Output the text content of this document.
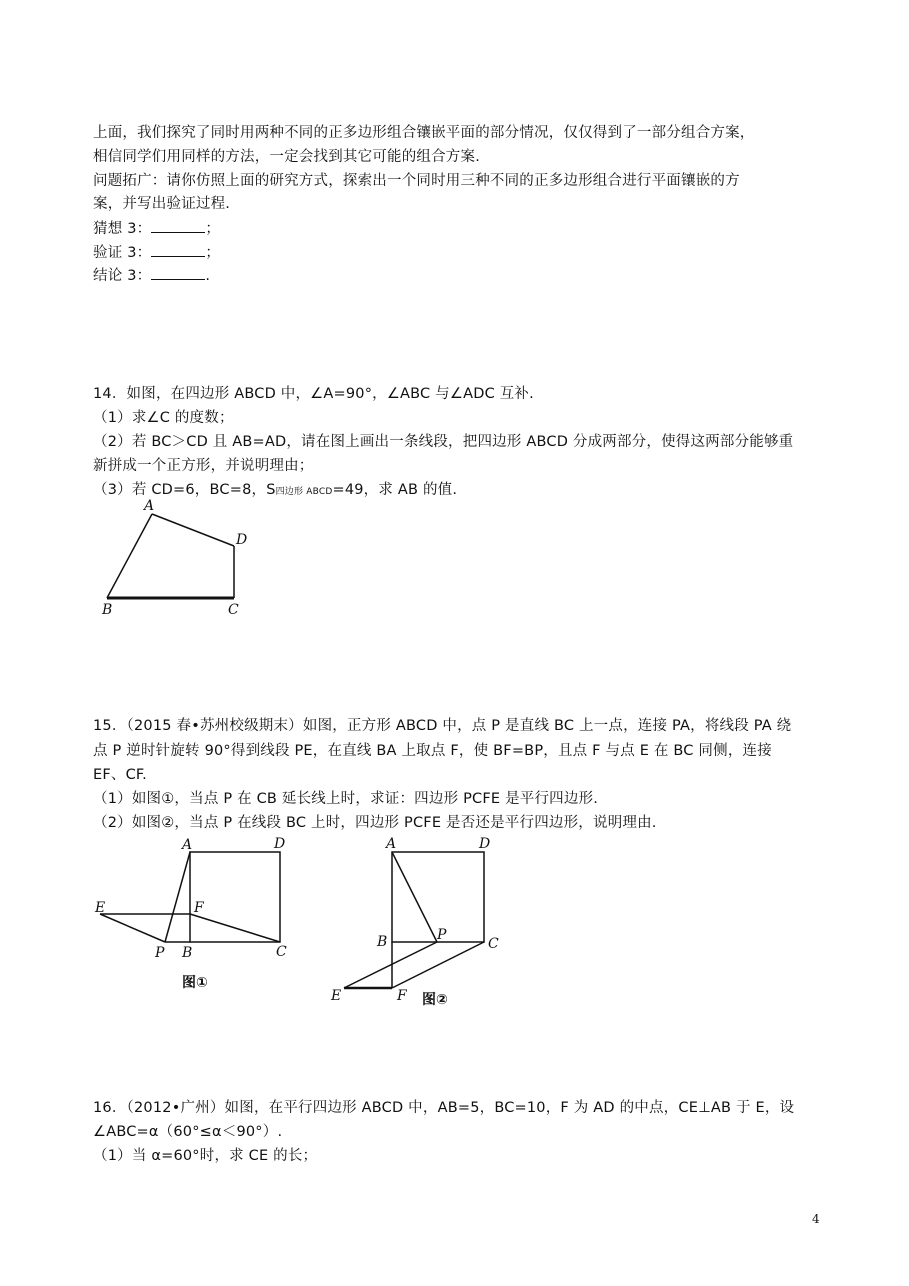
上面，我们探究了同时用两种不同的正多边形组合镶嵌平面的部分情况，仅仅得到了一部分组合方案，
相信同学们用同样的方法，一定会找到其它可能的组合方案.
问题拓广：请你仿照上面的研究方式，探索出一个同时用三种不同的正多边形组合进行平面镶嵌的方
案，并写出验证过程.
猜想 3：	；
验证 3：	；
结论 3：	.
14．如图，在四边形 ABCD 中，∠A=90°，∠ABC 与∠ADC 互补.
（1）求∠C 的度数；
（2）若 BC＞CD 且 AB=AD，请在图上画出一条线段，把四边形 ABCD 分成两部分，使得这两部分能够重
新拼成一个正方形，并说明理由；
（3）若 CD=6，BC=8，S四边形 ABCD=49，求 AB 的值.
A
D
B	C
15．（2015 春•苏州校级期末）如图，正方形 ABCD 中，点 P 是直线 BC 上一点，连接 PA，将线段 PA 绕
点 P 逆时针旋转 90°得到线段 PE，在直线 BA 上取点 F，使 BF=BP，且点 F 与点 E 在 BC 同侧，连接
EF、CF.
（1）如图①，当点 P 在 CB 延长线上时，求证：四边形 PCFE 是平行四边形.
（2）如图②，当点 P 在线段 BC 上时，四边形 PCFE 是否还是平行四边形，说明理由.
A	D
E	F
P B	C
图①
A	D
B	P
C
E	F 图②
16．（2012•广州）如图，在平行四边形 ABCD 中，AB=5，BC=10，F 为 AD 的中点，CE⊥AB 于 E，设
∠ABC=α（60°≤α＜90°）.
（1）当 α=60°时，求 CE 的长；
4
